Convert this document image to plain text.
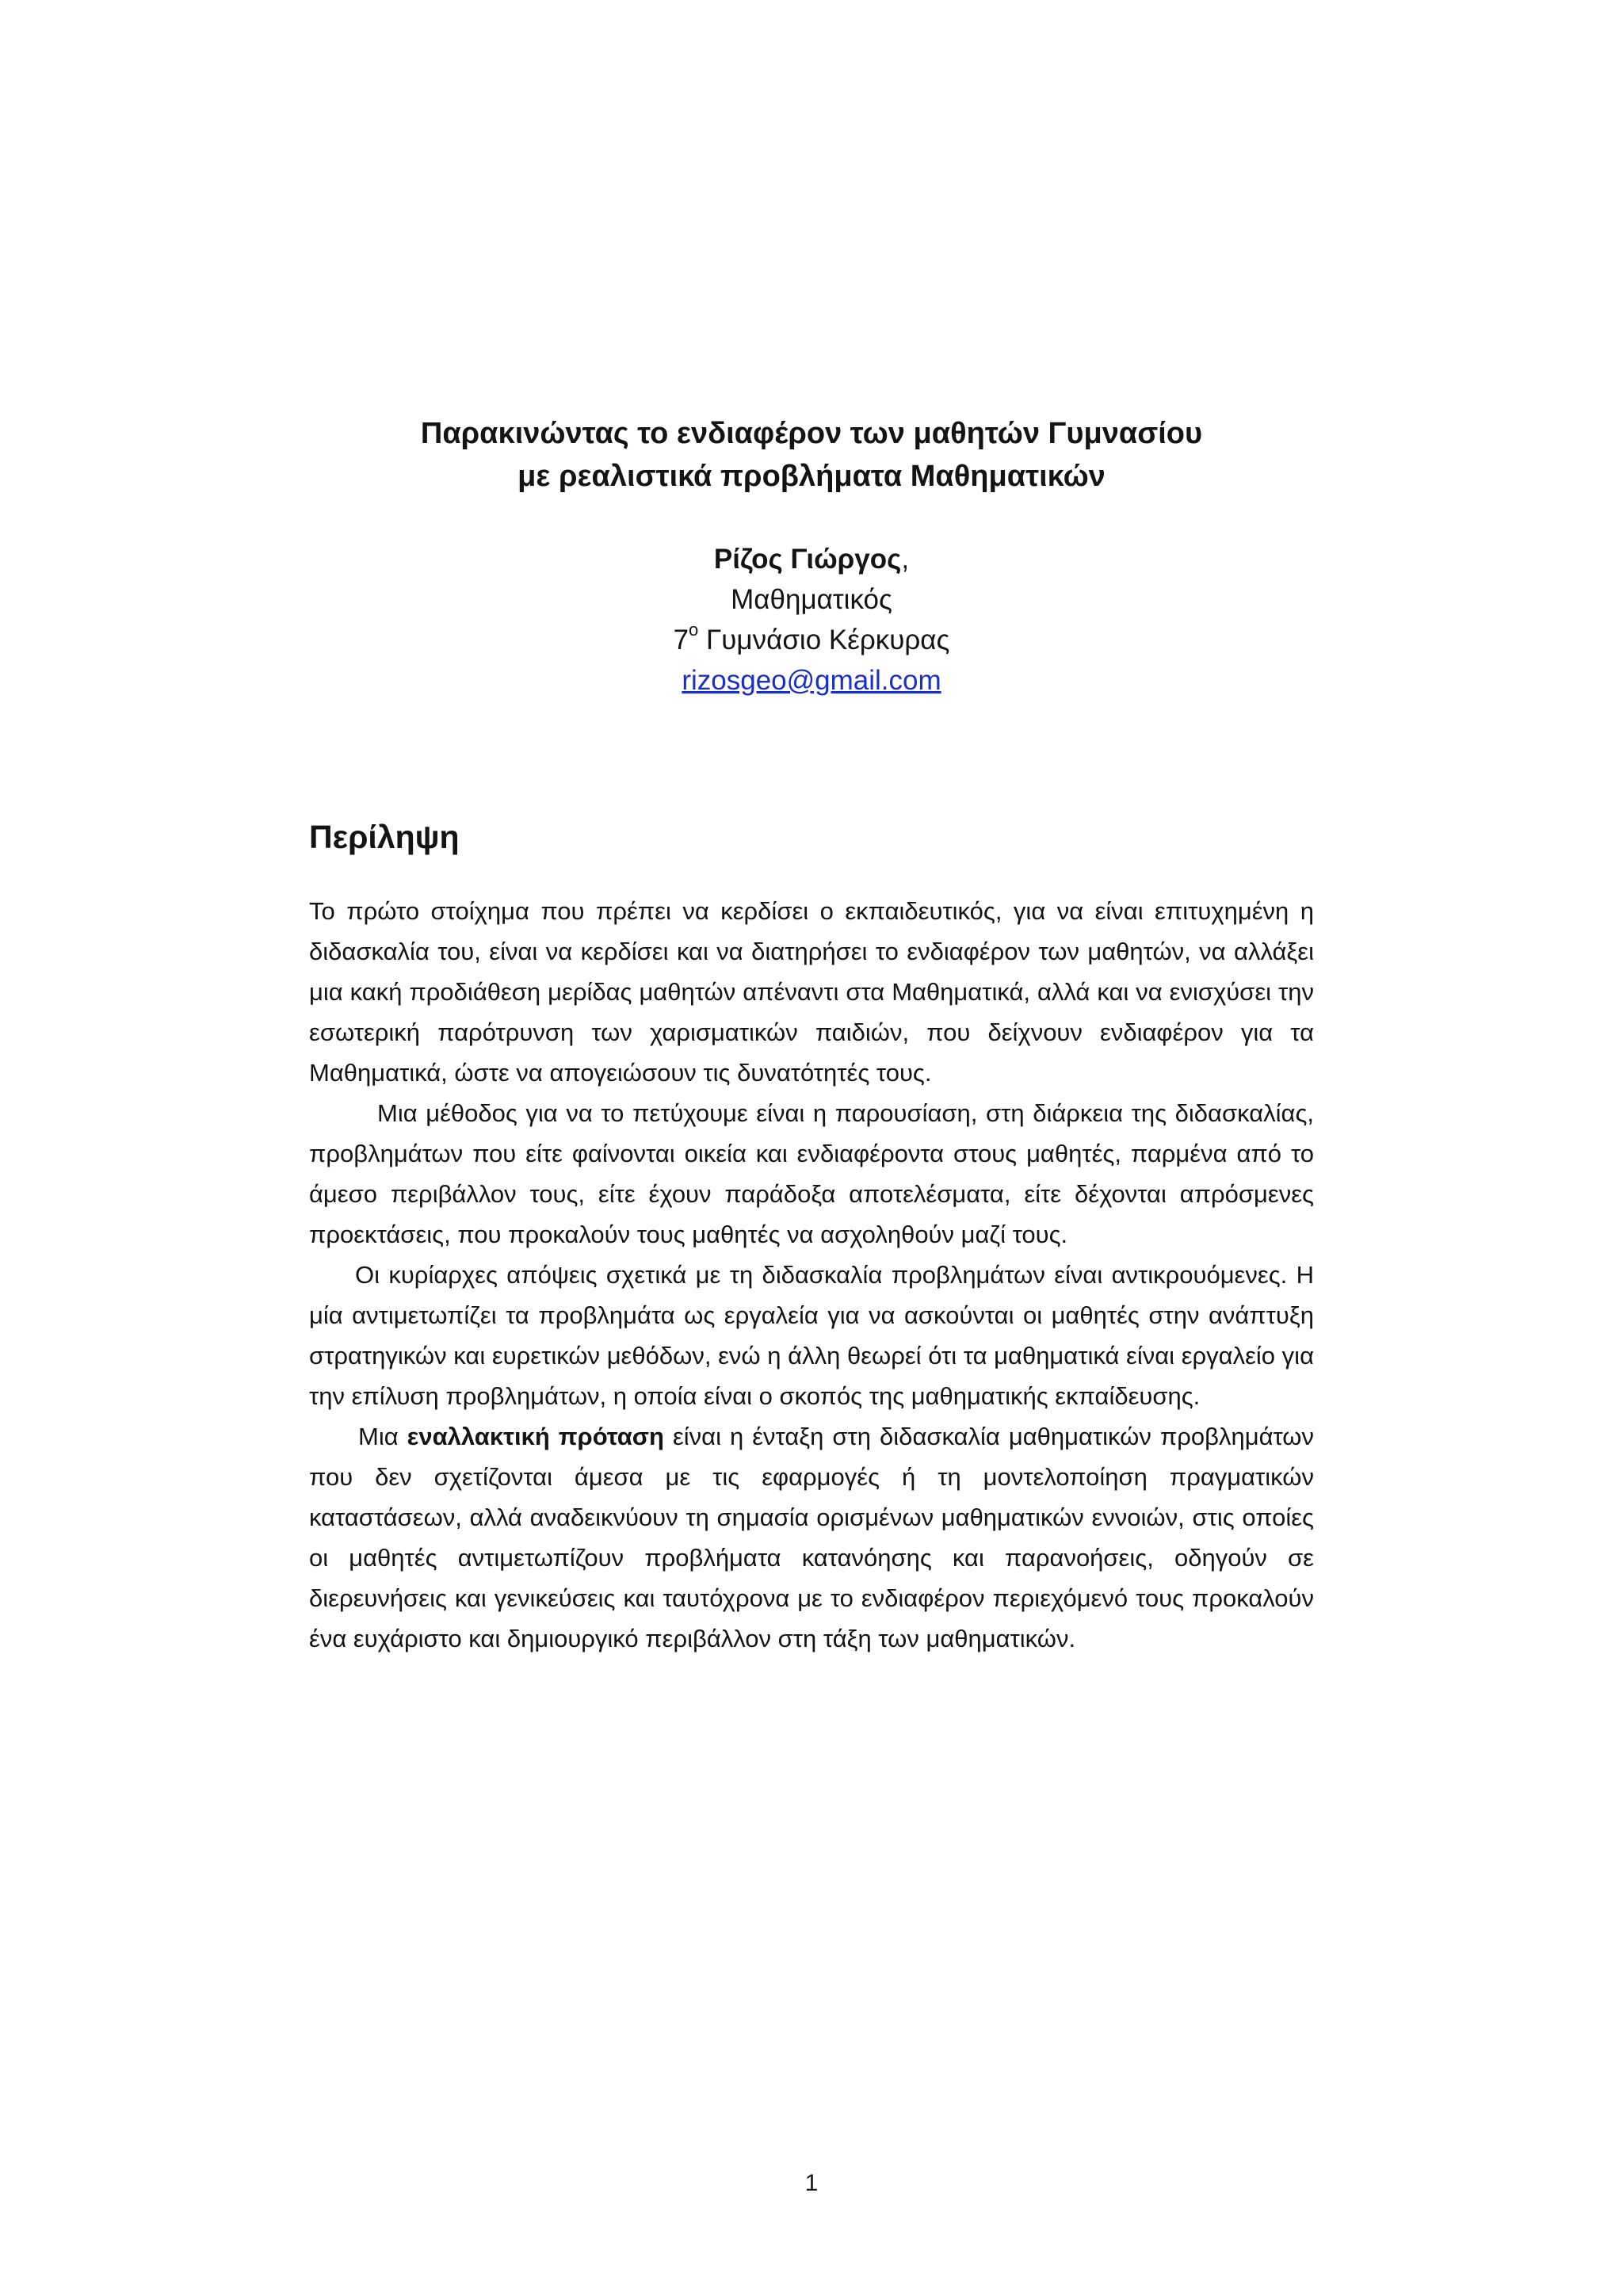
Παρακινώντας το ενδιαφέρον των μαθητών Γυμνασίου
με ρεαλιστικά προβλήματα Μαθηματικών
Ρίζος Γιώργος,
Μαθηματικός
$7^o$ Γυμνάσιο Κέρκυρας
rizosgeo@gmail.com
Περίληψη

Το πρώτο στοίχημα που πρέπει να κερδίσει ο εκπαιδευτικός, για να είναι επιτυχημένη η διδασκαλία του, είναι να κερδίσει και να διατηρήσει το ενδιαφέρον των μαθητών, να αλλάξει μια κακή προδιάθεση μερίδας μαθητών απέναντι στα Μαθηματικά, αλλά και να ενισχύσει την εσωτερική παρότρυνση των χαρισματικών παιδιών, που δείχνουν ενδιαφέρον για τα Μαθηματικά, ώστε να απογειώσουν τις δυνατότητές τους.

Μια μέθοδος για να το πετύχουμε είναι η παρουσίαση, στη διάρκεια της διδασκαλίας, προβλημάτων που είτε φαίνονται οικεία και ενδιαφέροντα στους μαθητές, παρμένα από το άμεσο περιβάλλον τους, είτε έχουν παράδοξα αποτελέσματα, είτε δέχονται απρόσμενες προεκτάσεις, που προκαλούν τους μαθητές να ασχοληθούν μαζί τους.

Οι κυρίαρχες απόψεις σχετικά με τη διδασκαλία προβλημάτων είναι αντικρουόμενες. Η μία αντιμετωπίζει τα προβλημάτα ως εργαλεία για να ασκούνται οι μαθητές στην ανάπτυξη στρατηγικών και ευρετικών μεθόδων, ενώ η άλλη θεωρεί ότι τα μαθηματικά είναι εργαλείο για την επίλυση προβλημάτων, η οποία είναι ο σκοπός της μαθηματικής εκπαίδευσης.

Μια εναλλακτική πρόταση είναι η ένταξη στη διδασκαλία μαθηματικών προβλημάτων που δεν σχετίζονται άμεσα με τις εφαρμογές ή τη μοντελοποίηση πραγματικών καταστάσεων, αλλά αναδεικνύουν τη σημασία ορισμένων μαθηματικών εννοιών, στις οποίες οι μαθητές αντιμετωπίζουν προβλήματα κατανόησης και παρανοήσεις, οδηγούν σε διερευνήσεις και γενικεύσεις και ταυτόχρονα με το ενδιαφέρον περιεχόμενό τους προκαλούν ένα ευχάριστο και δημιουργικό περιβάλλον στη τάξη των μαθηματικών.

1
